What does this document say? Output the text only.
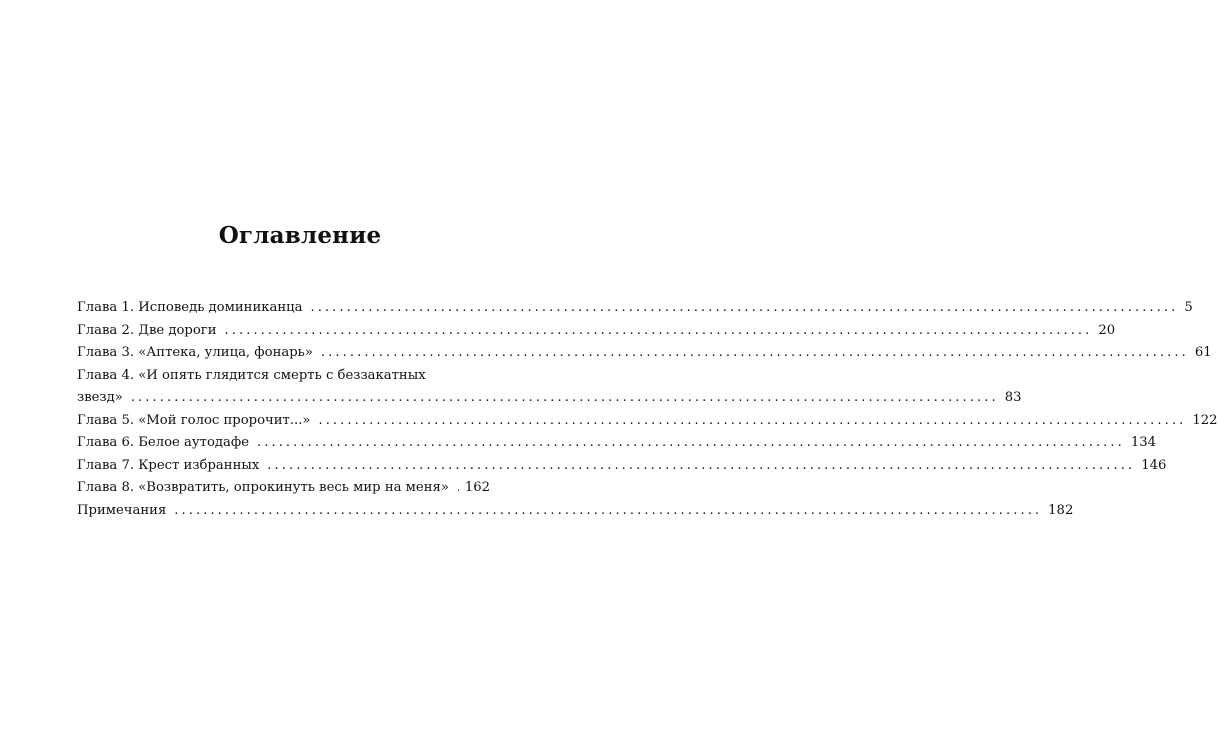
Оглавление
Глава 1. Исповедь доминиканца ........................................................................................................................ 5
Глава 2. Две дороги ........................................................................................................................ 20
Глава 3. «Аптека, улица, фонарь» ........................................................................................................................ 61
Глава 4. «И опять глядится смерть с беззакатных
звезд» ........................................................................................................................ 83
Глава 5. «Мой голос пророчит...» ........................................................................................................................ 122
Глава 6. Белое аутодафе ........................................................................................................................ 134
Глава 7. Крест избранных ........................................................................................................................ 146
Глава 8. «Возвратить, опрокинуть весь мир на меня» 162
Примечания ........................................................................................................................ 182
